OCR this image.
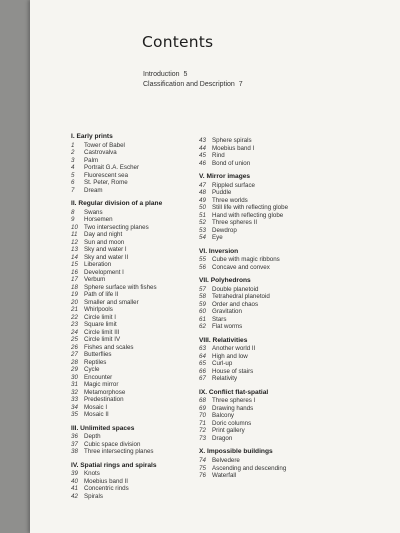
Contents
Introduction 5
Classification and Description 7
I. Early prints
1	Tower of Babel
2	Castrovalva
3	Palm
4	Portrait G.A. Escher
5	Fluorescent sea
6	St. Peter, Rome
7	Dream
II. Regular division of a plane
8	Swans
9	Horsemen
10 Two intersecting planes
11	Day and night
12 Sun and moon
13 Sky and water I
14 Sky and water II
15 Liberation
16 Development I
17 Verbum
18 Sphere surface with fishes
19 Path of life II
20 Smaller and smaller
21 Whirlpools
22 Circle limit I
23 Square limit
24 Circle limit III
25 Circle limit IV
26 Fishes and scales
27 Butterflies
28 Reptiles
29 Cycle
30 Encounter
31 Magic mirror
32 Metamorphose
33 Predestination
34 Mosaic I
35 Mosaic II
III. Unlimited spaces
36 Depth
37 Cubic space division
38 Three intersecting planes
IV. Spatial rings and spirals
39 Knots
40 Moebius band II
41 Concentric rinds
42 Spirals
43 Sphere spirals
44 Moebius band I
45 Rind
46 Bond of union
V. Mirror images
47 Rippled surface
48 Puddle
49 Three worlds
50 Still life with reflecting globe
51 Hand with reflecting globe
52 Three spheres II
53 Dewdrop
54 Eye
VI. Inversion
55 Cube with magic ribbons
56 Concave and convex
VII. Polyhedrons
57 Double planetoid
58 Tetrahedral planetoid
59 Order and chaos
60 Gravitation
61 Stars
62 Flat worms
VIII. Relativities
63 Another world II
64 High and low
65 Curl-up
66 House of stairs
67 Relativity
IX. Conflict flat-spatial
68 Three spheres I
69 Drawing hands
70 Balcony
71 Doric columns
72 Print gallery
73 Dragon
X. Impossible buildings
74 Belvedere
75 Ascending and descending
76 Waterfall
